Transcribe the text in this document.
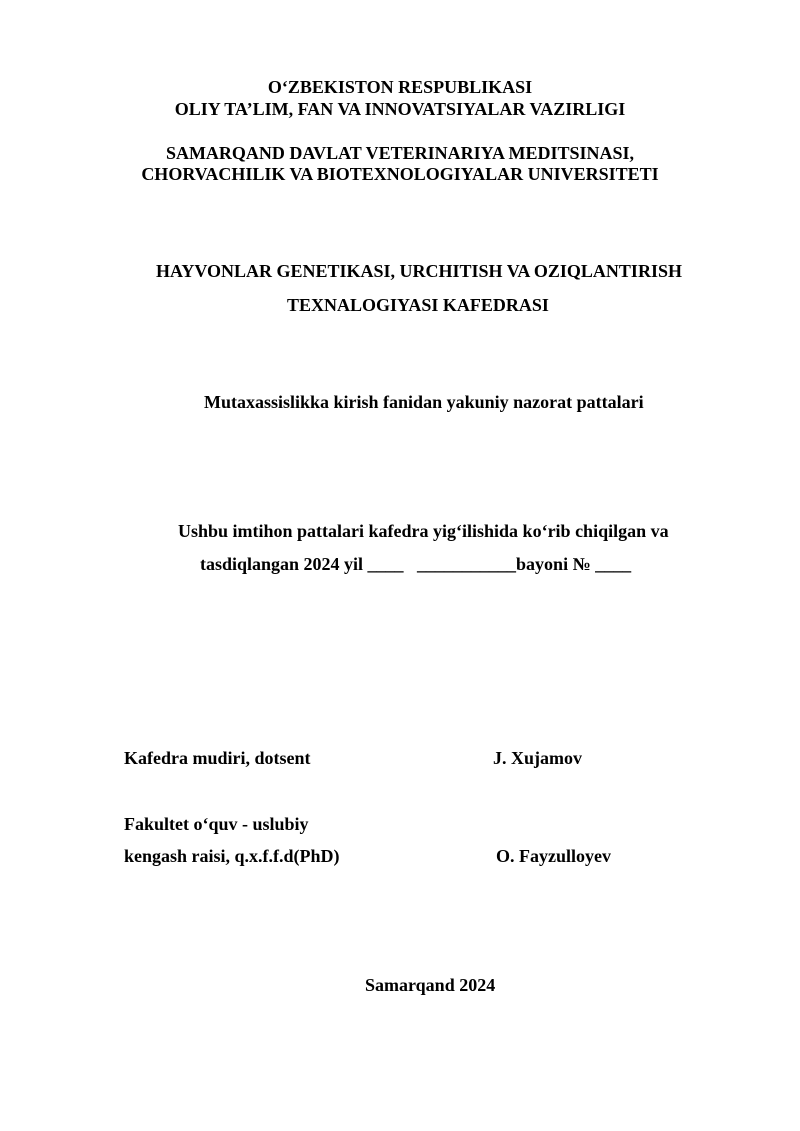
O‘ZBEKISTON RESPUBLIKASI
OLIY TA’LIM, FAN VA INNOVATSIYALAR VAZIRLIGI
SAMARQAND DAVLAT VETERINARIYA MEDITSINASI,
CHORVACHILIK VA BIOTEXNOLOGIYALAR UNIVERSITETI
HAYVONLAR GENETIKASI, URCHITISH VA OZIQLANTIRISH
TEXNALOGIYASI KAFEDRASI
Mutaxassislikka kirish fanidan yakuniy nazorat pattalari
Ushbu imtihon pattalari kafedra yig‘ilishida ko‘rib chiqilgan va
tasdiqlangan 2024 yil ____   ___________bayoni № ____
Kafedra mudiri, dotsent	J. Xujamov
Fakultet o‘quv - uslubiy
kengash raisi, q.x.f.f.d(PhD)	O. Fayzulloyev
Samarqand 2024
